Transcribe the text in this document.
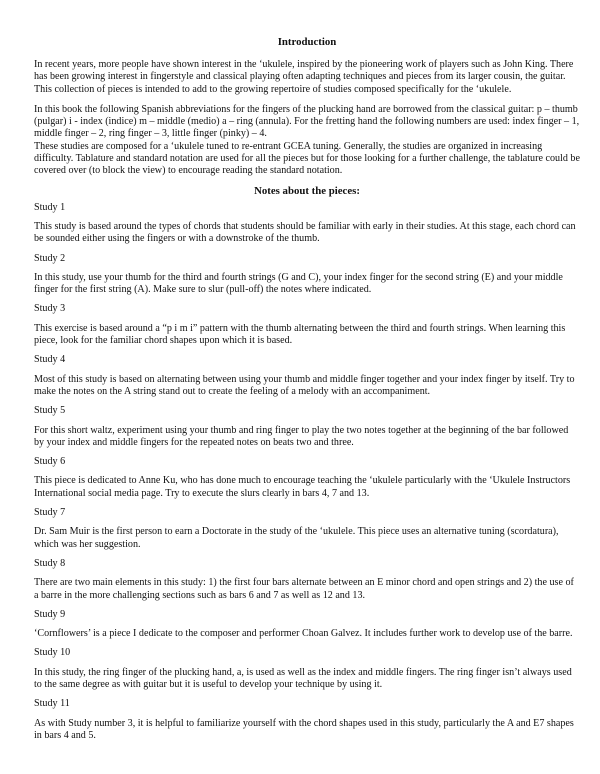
Introduction

In recent years, more people have shown interest in the ‘ukulele, inspired by the pioneering work of players such as John King. There has been growing interest in fingerstyle and classical playing often adapting techniques and pieces from its larger cousin, the guitar. This collection of pieces is intended to add to the growing repertoire of studies composed specifically for the ‘ukulele.

In this book the following Spanish abbreviations for the fingers of the plucking hand are borrowed from the classical guitar: p – thumb (pulgar) i - index (indice) m – middle (medio) a – ring (annula). For the fretting hand the following numbers are used: index finger – 1, middle finger – 2, ring finger – 3, little finger (pinky) – 4.

These studies are composed for a ‘ukulele tuned to re-entrant GCEA tuning. Generally, the studies are organized in increasing difficulty. Tablature and standard notation are used for all the pieces but for those looking for a further challenge, the tablature could be covered over (to block the view) to encourage reading the standard notation.

Notes about the pieces:

Study 1

This study is based around the types of chords that students should be familiar with early in their studies. At this stage, each chord can be sounded either using the fingers or with a downstroke of the thumb.

Study 2

In this study, use your thumb for the third and fourth strings (G and C), your index finger for the second string (E) and your middle finger for the first string (A). Make sure to slur (pull-off) the notes where indicated.

Study 3

This exercise is based around a “p i m i” pattern with the thumb alternating between the third and fourth strings. When learning this piece, look for the familiar chord shapes upon which it is based.

Study 4

Most of this study is based on alternating between using your thumb and middle finger together and your index finger by itself. Try to make the notes on the A string stand out to create the feeling of a melody with an accompaniment.

Study 5

For this short waltz, experiment using your thumb and ring finger to play the two notes together at the beginning of the bar followed by your index and middle fingers for the repeated notes on beats two and three.

Study 6

This piece is dedicated to Anne Ku, who has done much to encourage teaching the ‘ukulele particularly with the ‘Ukulele Instructors International social media page. Try to execute the slurs clearly in bars 4, 7 and 13.

Study 7

Dr. Sam Muir is the first person to earn a Doctorate in the study of the ‘ukulele. This piece uses an alternative tuning (scordatura), which was her suggestion.

Study 8

There are two main elements in this study: 1) the first four bars alternate between an E minor chord and open strings and 2) the use of a barre in the more challenging sections such as bars 6 and 7 as well as 12 and 13.

Study 9

‘Cornflowers’ is a piece I dedicate to the composer and performer Choan Galvez. It includes further work to develop use of the barre.

Study 10

In this study, the ring finger of the plucking hand, a, is used as well as the index and middle fingers. The ring finger isn’t always used to the same degree as with guitar but it is useful to develop your technique by using it.

Study 11

As with Study number 3, it is helpful to familiarize yourself with the chord shapes used in this study, particularly the A and E7 shapes in bars 4 and 5.
